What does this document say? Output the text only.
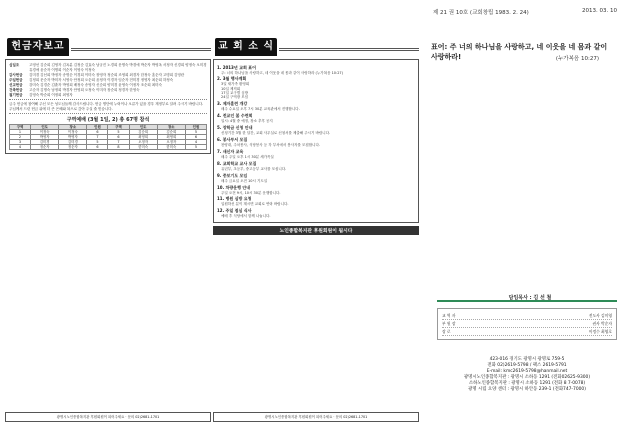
헌금자보고
십일조	고영선 김순희 김영자 김옥분 김정순 김효숙 남궁진 노경희 문명숙 박경애 박순자 박영옥 서정자 신경희 양정숙 오미경 유경애 윤순자 이명희 이순자 이영숙 이정숙
감사헌금	김미경 김선희 박정자 송명순 이경희 이미숙 장영자 정순희 조영희 최경자 한정숙 홍순자 고명희 김영란
주일헌금	김정희 문순자 박미자 서영숙 안정희 오순희 윤정자 이경자 임순자 전미경 정영자 최순희 하정숙
선교헌금	강미숙 김경순 김춘자 박영희 배정숙 송영자 신순희 양미경 윤영숙 이정자 조순희 최미숙
건축헌금	고순자 김명숙 남정희 박경자 안영희 오정숙 이미자 장순희 정경자 한영숙
절기헌금	김영숙 박순희 이정희 최영자
금주 헌금에 참여해 주신 모든 성도님들께 감사드립니다. 헌금 명단에 누락이나 오류가 있을 경우 재정부로 알려 주시기 바랍니다. 주님께서 드린 헌금 위에 더 큰 은혜와 복으로 갚아 주실 줄 믿습니다.
구역예배 (3월 1일, 2) 총 67명 참석
구역	인도	장소	인원	구역	인도	장소	인원
1	이정숙	이정숙	6	5	김순희	김순희	5
2	박영자	박영자	7	6	최영희	최영희	6
3	김미경	김미경	5	7	오정자	오정자	4
4	정순자	정순자	6	8	한미숙	한미숙	5
광명시노인종합복지관 후원회원이 되어주세요 · 문의 02)2681-1701
교 회 소 식
1. 2013년 교회 표어
주: 너의 하나님을 사랑하고, 네 이웃을 네 몸과 같이 사랑하라 (누가복음 10:27)
2. 3월 행사계획
3일 새가족 환영회
10일 제직회
17일 교구별 심방
24일 구역장 모임
3. 제자훈련 개강
매주 수요일 오후 7시 30분 교육관에서 진행합니다.
4. 전교인 봄 수련회
일시: 4월 중 예정, 장소 추후 공지
5. 장학금 신청 안내
신청기간 3월 한 달간, 교회 사무실로 신청서를 제출해 주시기 바랍니다.
6. 봉사부서 모집
찬양대, 주차봉사, 식당봉사 등 각 부서에서 봉사자를 모집합니다.
7. 새신자 교육
매주 주일 오후 1시 30분 새가족실
8. 교회학교 교사 모집
유년부, 초등부, 중고등부 교사를 모십니다.
9. 중보기도 모임
매주 금요일 오전 10시 기도실
10. 차량운행 안내
주일 오전 9시, 10시 30분 운행합니다.
11. 병원 심방 요청
입원하신 분이 계시면 교회로 연락 바랍니다.
12. 주일 점심 식사
예배 후 식당에서 함께 나눕니다.
노인종합복지관 후원회원이 됩시다
광명시노인종합복지관 후원회원이 되어주세요 · 문의 02)2681-1701
제 21 권 10호 (교회창립 1983. 2. 24)	2013. 03. 10
표어: 주 너의 하나님을 사랑하고, 네 이웃을 네 몸과 같이 사랑하라!	(누가복음 10:27)
담임목사 : 김 선 철
교 역 자	전도사 김미영
부 원 장	권사 박순자
장 로	이정수 최영호
423-016 경기도 광명시 광명로 759-5
전화 02)2619-5798 / 팩스 2619-5791
E-mail: kmc2619-5798@hanmail.net
광명시노인종합복지관 : 광명시 소하동 1291 (전화02625-9300)
소하노인종합복지관 : 광명시 소하동 1291 (전화 8 7-0078)
광명 시립 요양 센터 : 광명시 하안동 239-1 (전화747-7000)
